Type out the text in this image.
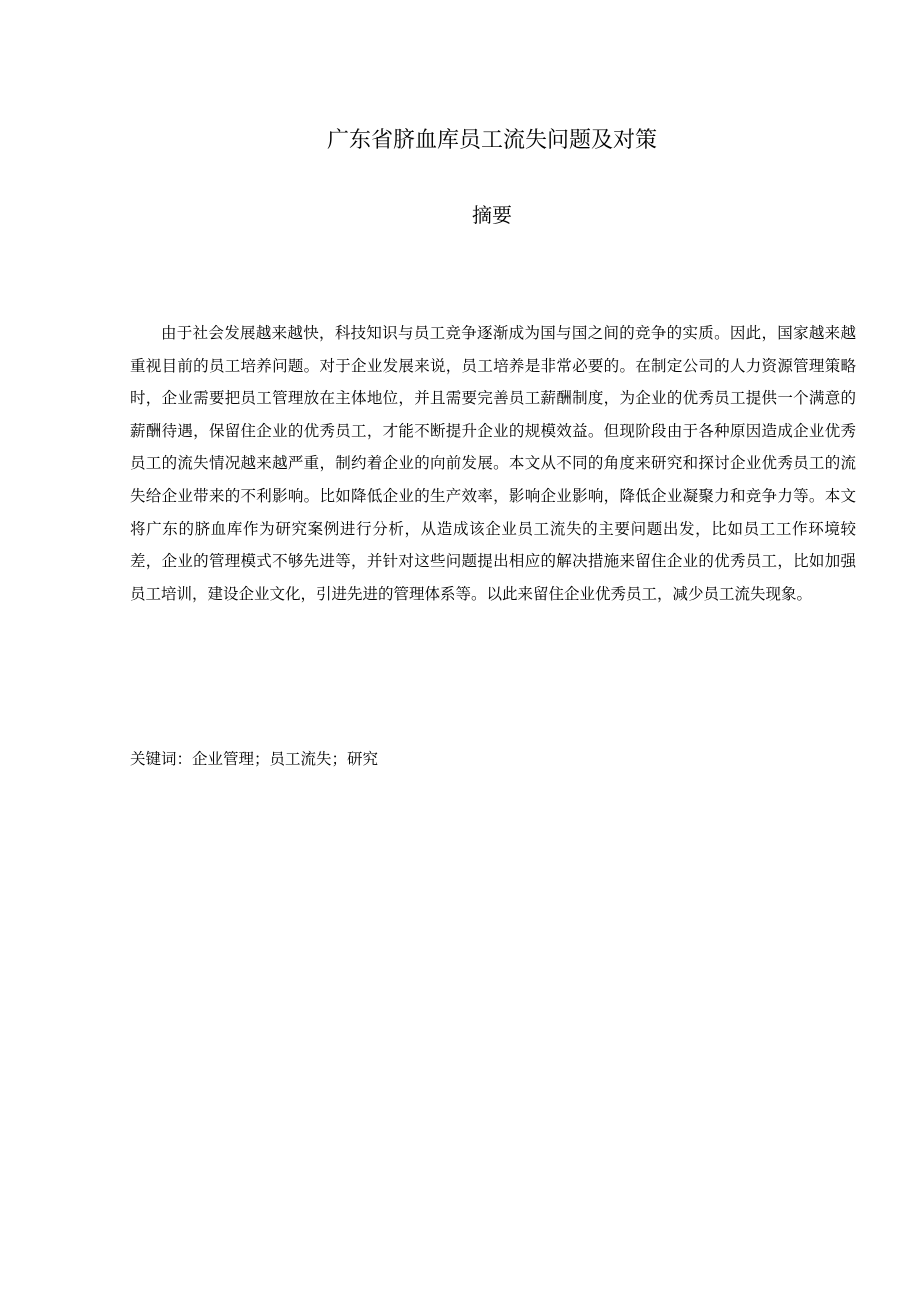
广东省脐血库员工流失问题及对策
摘要

由于社会发展越来越快，科技知识与员工竞争逐渐成为国与国之间的竞争的实质。因此，国家越来越重视目前的员工培养问题。对于企业发展来说，员工培养是非常必要的。在制定公司的人力资源管理策略时，企业需要把员工管理放在主体地位，并且需要完善员工薪酬制度，为企业的优秀员工提供一个满意的薪酬待遇，保留住企业的优秀员工，才能不断提升企业的规模效益。但现阶段由于各种原因造成企业优秀员工的流失情况越来越严重，制约着企业的向前发展。本文从不同的角度来研究和探讨企业优秀员工的流失给企业带来的不利影响。比如降低企业的生产效率，影响企业影响，降低企业凝聚力和竞争力等。本文将广东的脐血库作为研究案例进行分析，从造成该企业员工流失的主要问题出发，比如员工工作环境较差，企业的管理模式不够先进等，并针对这些问题提出相应的解决措施来留住企业的优秀员工，比如加强员工培训，建设企业文化，引进先进的管理体系等。以此来留住企业优秀员工，减少员工流失现象。

关键词：企业管理；员工流失；研究
